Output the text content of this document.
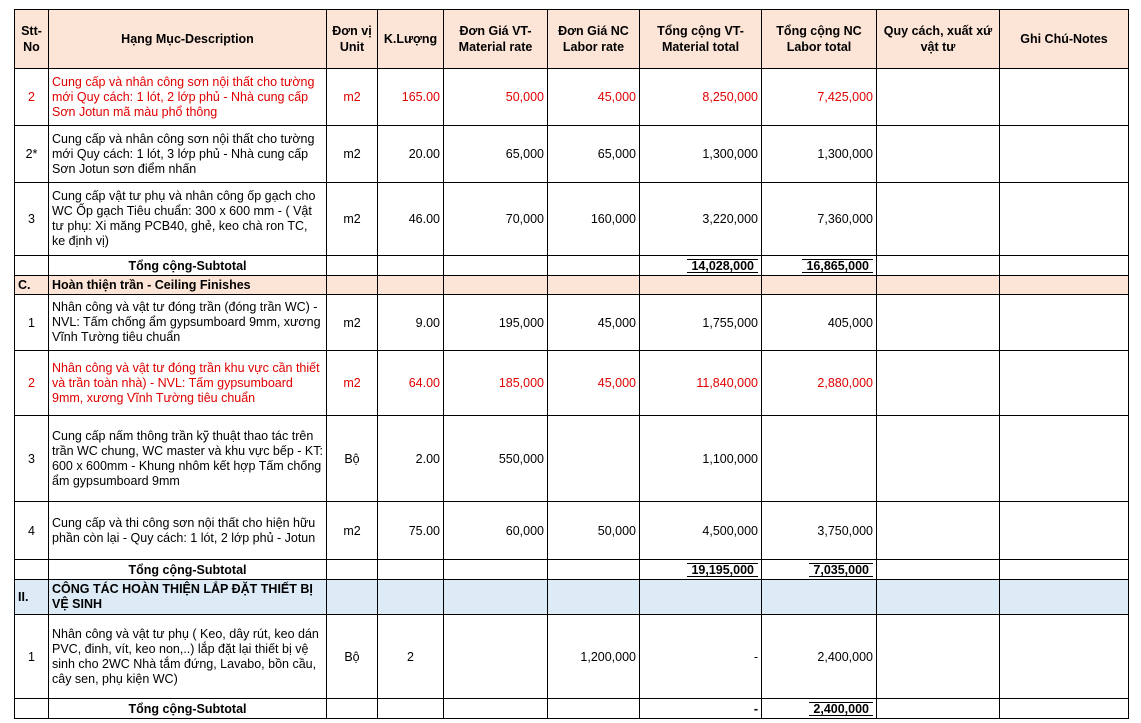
Stt-No	Hạng Mục-Description	Đơn vị Unit	K.Lượng	Đơn Giá VT-Material rate	Đơn Giá NC Labor rate	Tổng cộng VT-Material total	Tổng cộng NC Labor total	Quy cách, xuất xứ vật tư	Ghi Chú-Notes
2	Cung cấp và nhân công sơn nội thất cho tường mới Quy cách: 1 lót, 2 lớp phủ - Nhà cung cấp Sơn Jotun mã màu phổ thông	m2	165.00	50,000	45,000	8,250,000	7,425,000		
2*	Cung cấp và nhân công sơn nội thất cho tường mới Quy cách: 1 lót, 3 lớp phủ - Nhà cung cấp Sơn Jotun sơn điểm nhấn	m2	20.00	65,000	65,000	1,300,000	1,300,000		
3	Cung cấp vật tư phụ và nhân công ốp gạch cho WC Ốp gạch Tiêu chuẩn: 300 x 600 mm - ( Vật tư phụ: Xi măng PCB40, ghẻ, keo chà ron TC, ke định vị)	m2	46.00	70,000	160,000	3,220,000	7,360,000		
	Tổng cộng-Subtotal					14,028,000	16,865,000		
C.	Hoàn thiện trần - Ceiling Finishes								
1	Nhân công và vật tư đóng trần (đóng trần WC) - NVL: Tấm chống ẩm gypsumboard 9mm, xương Vĩnh Tường tiêu chuẩn	m2	9.00	195,000	45,000	1,755,000	405,000		
2	Nhân công và vật tư đóng trần khu vực cần thiết và trần toàn nhà) - NVL: Tấm gypsumboard 9mm, xương Vĩnh Tường tiêu chuẩn	m2	64.00	185,000	45,000	11,840,000	2,880,000		
3	Cung cấp nấm thông trần kỹ thuật thao tác trên trần WC chung, WC master và khu vực bếp - KT: 600 x 600mm - Khung nhôm kết hợp Tấm chống ẩm gypsumboard 9mm	Bộ	2.00	550,000		1,100,000			
4	Cung cấp và thi công sơn nội thất cho hiện hữu phần còn lại - Quy cách: 1 lót, 2 lớp phủ - Jotun	m2	75.00	60,000	50,000	4,500,000	3,750,000		
	Tổng cộng-Subtotal					19,195,000	7,035,000		
II.	CÔNG TÁC HOÀN THIỆN LẮP ĐẶT THIẾT BỊ VỆ SINH								
1	Nhân công và vật tư phụ ( Keo, dây rút, keo dán PVC, đinh, vít, keo non,..) lắp đặt lại thiết bị vệ sinh cho 2WC Nhà tắm đứng, Lavabo, bồn cầu, cây sen, phụ kiện WC)	Bộ	2		1,200,000	-	2,400,000		
	Tổng cộng-Subtotal					-	2,400,000		
